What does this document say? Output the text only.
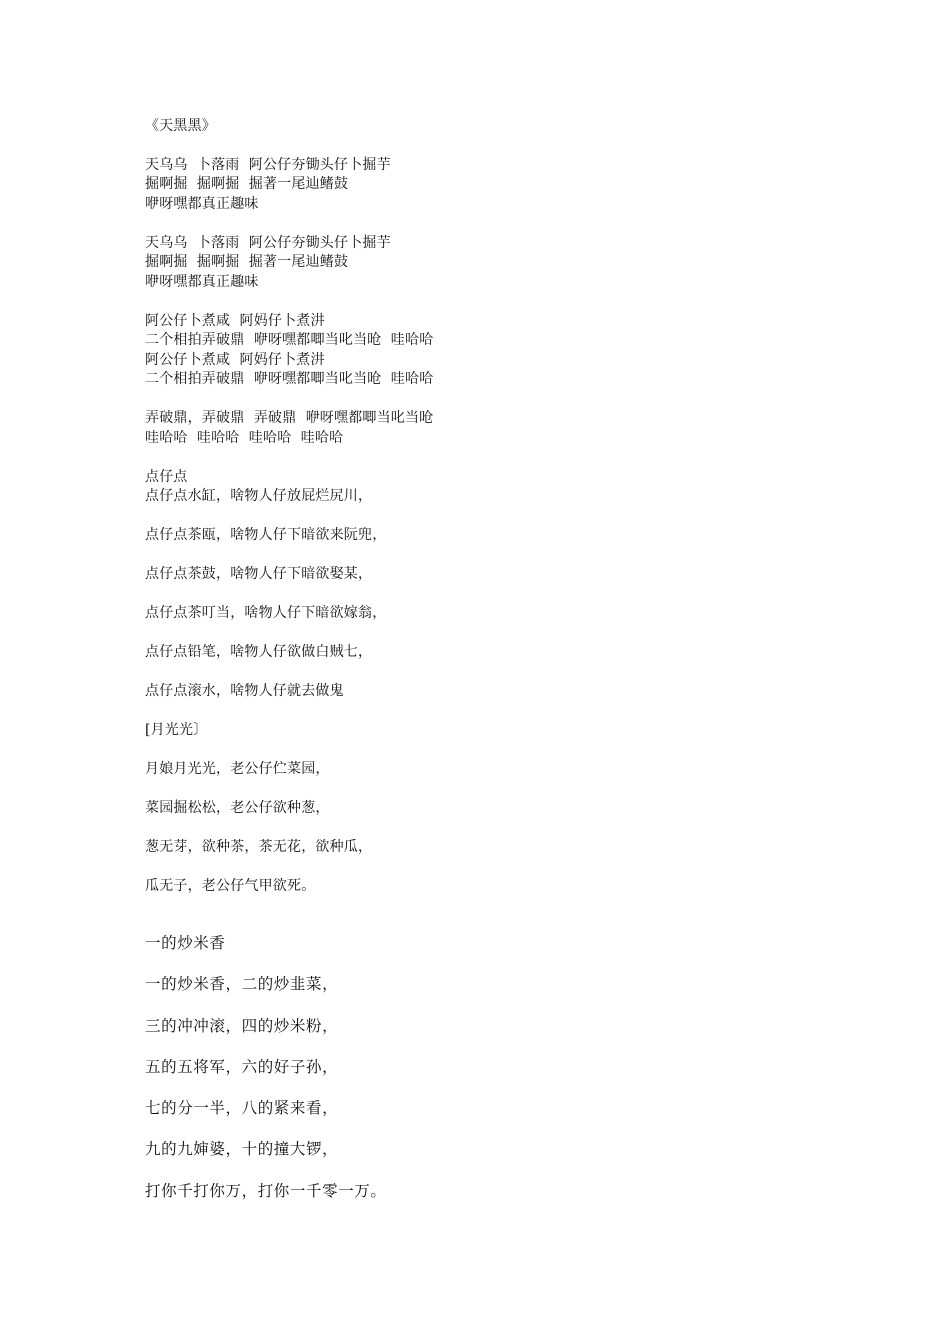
《天黑黑》
天乌乌  卜落雨  阿公仔夯锄头仔卜掘芋
掘啊掘  掘啊掘  掘著一尾辿鳍鼓
咿呀嘿都真正趣味
天乌乌  卜落雨  阿公仔夯锄头仔卜掘芋
掘啊掘  掘啊掘  掘著一尾辿鳍鼓
咿呀嘿都真正趣味
阿公仔卜煮咸  阿妈仔卜煮汫
二个相拍弄破鼎  咿呀嘿都唧当叱当呛  哇哈哈
阿公仔卜煮咸  阿妈仔卜煮汫
二个相拍弄破鼎  咿呀嘿都唧当叱当呛  哇哈哈
弄破鼎，弄破鼎  弄破鼎  咿呀嘿都唧当叱当呛
哇哈哈  哇哈哈  哇哈哈  哇哈哈
点仔点
点仔点水缸，啥物人仔放屁烂尻川，
点仔点茶瓯，啥物人仔下暗欲来阮兜，
点仔点茶鼓，啥物人仔下暗欲娶某，
点仔点茶叮当，啥物人仔下暗欲嫁翁，
点仔点铅笔，啥物人仔欲做白贼七，
点仔点滚水，啥物人仔就去做鬼
[月光光〕
月娘月光光，老公仔伫菜园，
菜园掘松松，老公仔欲种葱，
葱无芽，欲种茶，茶无花，欲种瓜，
瓜无子，老公仔气甲欲死。
一的炒米香
一的炒米香，二的炒韭菜，
三的冲冲滚，四的炒米粉，
五的五将军，六的好子孙，
七的分一半，八的紧来看，
九的九婶婆，十的撞大锣，
打你千打你万，打你一千零一万。
